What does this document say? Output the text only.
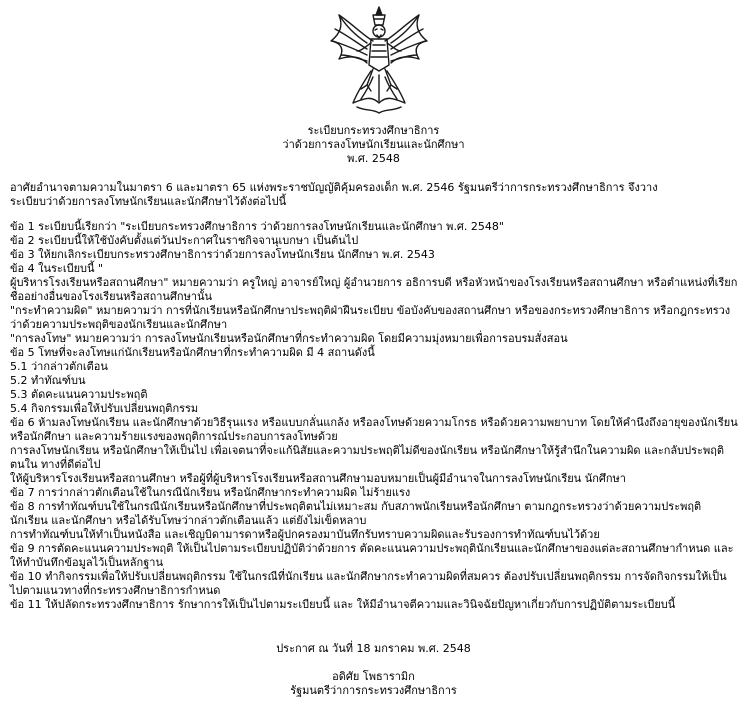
ระเบียบกระทรวงศึกษาธิการ
ว่าด้วยการลงโทษนักเรียนและนักศึกษา
พ.ศ. 2548

อาศัยอำนาจตามความในมาตรา 6 และมาตรา 65 แห่งพระราชบัญญัติคุ้มครองเด็ก พ.ศ. 2546 รัฐมนตรีว่าการกระทรวงศึกษาธิการ จึงวาง

ระเบียบว่าด้วยการลงโทษนักเรียนและนักศึกษาไว้ดังต่อไปนี้

ข้อ 1 ระเบียบนี้เรียกว่า "ระเบียบกระทรวงศึกษาธิการ ว่าด้วยการลงโทษนักเรียนและนักศึกษา พ.ศ. 2548"

ข้อ 2 ระเบียบนี้ให้ใช้บังคับตั้งแต่วันประกาศในราชกิจจานุเบกษา เป็นต้นไป

ข้อ 3 ให้ยกเลิกระเบียบกระทรวงศึกษาธิการว่าด้วยการลงโทษนักเรียน นักศึกษา พ.ศ. 2543

ข้อ 4 ในระเบียบนี้ "

ผู้บริหารโรงเรียนหรือสถานศึกษา" หมายความว่า ครูใหญ่ อาจารย์ใหญ่ ผู้อำนวยการ อธิการบดี หรือหัวหน้าของโรงเรียนหรือสถานศึกษา หรือตำแหน่งที่เรียก ชื่ออย่างอื่นของโรงเรียนหรือสถานศึกษานั้น

"กระทำความผิด" หมายความว่า การที่นักเรียนหรือนักศึกษาประพฤติฝ่าฝืนระเบียบ ข้อบังคับของสถานศึกษา หรือของกระทรวงศึกษาธิการ หรือกฎกระทรวงว่าด้วยความประพฤติของนักเรียนและนักศึกษา

"การลงโทษ" หมายความว่า การลงโทษนักเรียนหรือนักศึกษาที่กระทำความผิด โดยมีความมุ่งหมายเพื่อการอบรมสั่งสอน

ข้อ 5 โทษที่จะลงโทษแก่นักเรียนหรือนักศึกษาที่กระทำความผิด มี 4 สถานดังนี้

5.1 ว่ากล่าวตักเตือน

5.2 ทำทัณฑ์บน

5.3 ตัดคะแนนความประพฤติ

5.4 กิจกรรมเพื่อให้ปรับเปลี่ยนพฤติกรรม

ข้อ 6 ห้ามลงโทษนักเรียน และนักศึกษาด้วยวิธีรุนแรง หรือแบบกลั่นแกล้ง หรือลงโทษด้วยความโกรธ หรือด้วยความพยาบาท โดยให้คำนึงถึงอายุของนักเรียน หรือนักศึกษา และความร้ายแรงของพฤติการณ์ประกอบการลงโทษด้วย

การลงโทษนักเรียน หรือนักศึกษาให้เป็นไป เพื่อเจตนาที่จะแก้นิสัยและความประพฤติไม่ดีของนักเรียน หรือนักศึกษาให้รู้สำนึกในความผิด และกลับประพฤติตนใน ทางที่ดีต่อไป

ให้ผู้บริหารโรงเรียนหรือสถานศึกษา หรือผู้ที่ผู้บริหารโรงเรียนหรือสถานศึกษามอบหมายเป็นผู้มีอำนาจในการลงโทษนักเรียน นักศึกษา

ข้อ 7 การว่ากล่าวตักเตือนใช้ในกรณีนักเรียน หรือนักศึกษากระทำความผิด ไม่ร้ายแรง

ข้อ 8 การทำทัณฑ์บนใช้ในกรณีนักเรียนหรือนักศึกษาที่ประพฤติตนไม่เหมาะสม กับสภาพนักเรียนหรือนักศึกษา ตามกฎกระทรวงว่าด้วยความประพฤตินักเรียน และนักศึกษา หรือได้รับโทษว่ากล่าวตักเตือนแล้ว แต่ยังไม่เข็ดหลาบ

การทำทัณฑ์บนให้ทำเป็นหนังสือ และเชิญบิดามารดาหรือผู้ปกครองมาบันทึกรับทราบความผิดและรับรองการทำทัณฑ์บนไว้ด้วย

ข้อ 9 การตัดคะแนนความประพฤติ ให้เป็นไปตามระเบียบปฏิบัติว่าด้วยการ ตัดคะแนนความประพฤตินักเรียนและนักศึกษาของแต่ละสถานศึกษากำหนด และให้ทำบันทึกข้อมูลไว้เป็นหลักฐาน

ข้อ 10 ทำกิจกรรมเพื่อให้ปรับเปลี่ยนพฤติกรรม ใช้ในกรณีที่นักเรียน และนักศึกษากระทำความผิดที่สมควร ต้องปรับเปลี่ยนพฤติกรรม การจัดกิจกรรมให้เป็นไปตามแนวทางที่กระทรวงศึกษาธิการกำหนด

ข้อ 11 ให้ปลัดกระทรวงศึกษาธิการ รักษาการให้เป็นไปตามระเบียบนี้ และ ให้มีอำนาจตีความและวินิจฉัยปัญหาเกี่ยวกับการปฏิบัติตามระเบียบนี้

ประกาศ ณ วันที่ 18 มกราคม พ.ศ. 2548
อดิศัย โพธารามิก
รัฐมนตรีว่าการกระทรวงศึกษาธิการ
